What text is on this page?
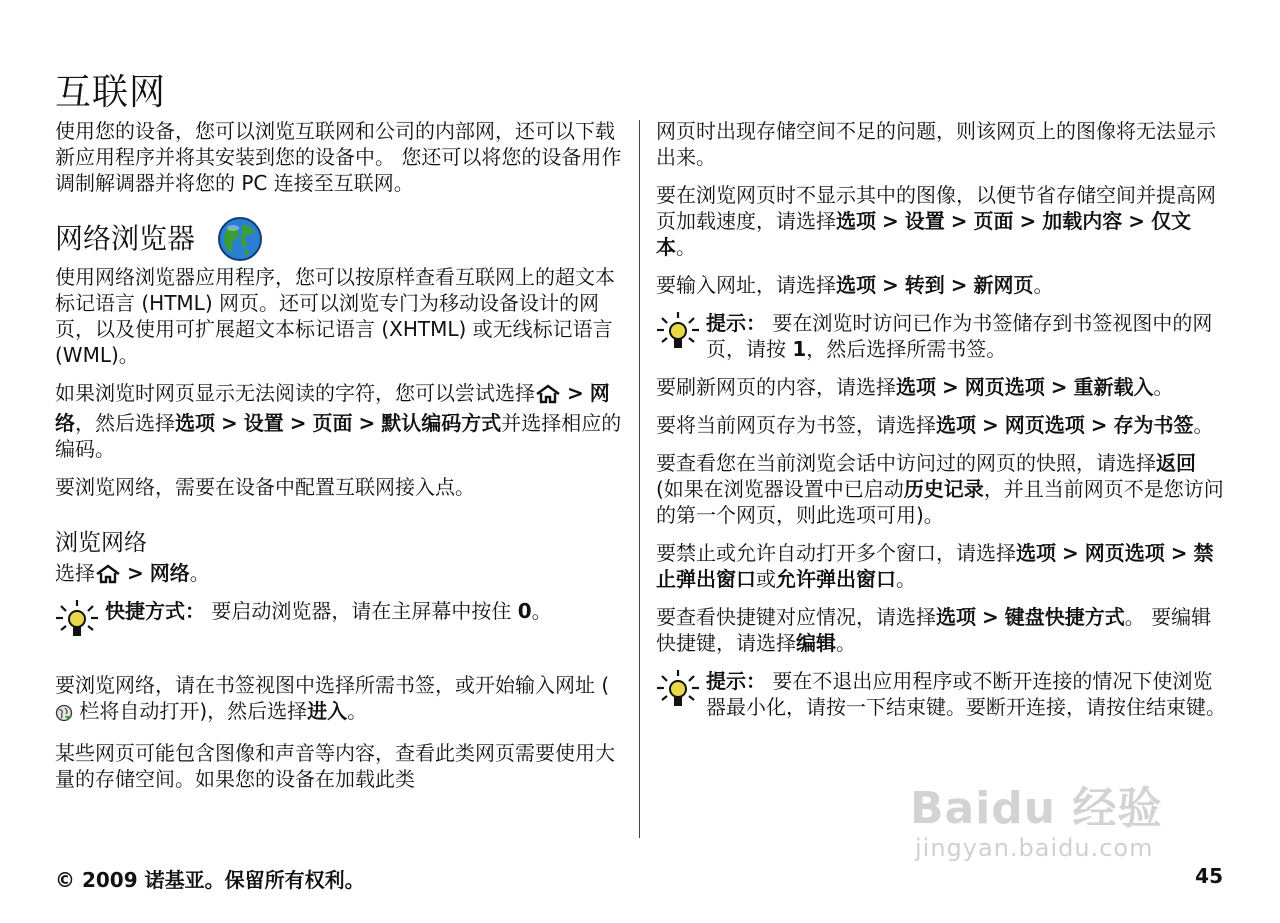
互联网

使用您的设备，您可以浏览互联网和公司的内部网，还可以下载新应用程序并将其安装到您的设备中。 您还可以将您的设备用作调制解调器并将您的 PC 连接至互联网。

网络浏览器

使用网络浏览器应用程序，您可以按原样查看互联网上的超文本标记语言 (HTML) 网页。还可以浏览专门为移动设备设计的网页，以及使用可扩展超文本标记语言 (XHTML) 或无线标记语言 (WML)。

如果浏览时网页显示无法阅读的字符，您可以尝试选择 > 网络，然后选择选项 > 设置 > 页面 > 默认编码方式并选择相应的编码。

要浏览网络，需要在设备中配置互联网接入点。

浏览网络

选择 > 网络。

快捷方式： 要启动浏览器，请在主屏幕中按住 0。

要浏览网络，请在书签视图中选择所需书签，或开始输入网址 ( 栏将自动打开)，然后选择进入。

某些网页可能包含图像和声音等内容，查看此类网页需要使用大量的存储空间。如果您的设备在加载此类

网页时出现存储空间不足的问题，则该网页上的图像将无法显示出来。

要在浏览网页时不显示其中的图像，以便节省存储空间并提高网页加载速度，请选择选项 > 设置 > 页面 > 加载内容 > 仅文本。

要输入网址，请选择选项 > 转到 > 新网页。

提示： 要在浏览时访问已作为书签储存到书签视图中的网页，请按 1，然后选择所需书签。

要刷新网页的内容，请选择选项 > 网页选项 > 重新载入。

要将当前网页存为书签，请选择选项 > 网页选项 > 存为书签。

要查看您在当前浏览会话中访问过的网页的快照，请选择返回 (如果在浏览器设置中已启动历史记录，并且当前网页不是您访问的第一个网页，则此选项可用)。

要禁止或允许自动打开多个窗口，请选择选项 > 网页选项 > 禁止弹出窗口或允许弹出窗口。

要查看快捷键对应情况，请选择选项 > 键盘快捷方式。 要编辑快捷键，请选择编辑。

提示： 要在不退出应用程序或不断开连接的情况下使浏览器最小化，请按一下结束键。要断开连接，请按住结束键。

Baidu 经验
jingyan.baidu.com
© 2009 诺基亚。保留所有权利。	45
